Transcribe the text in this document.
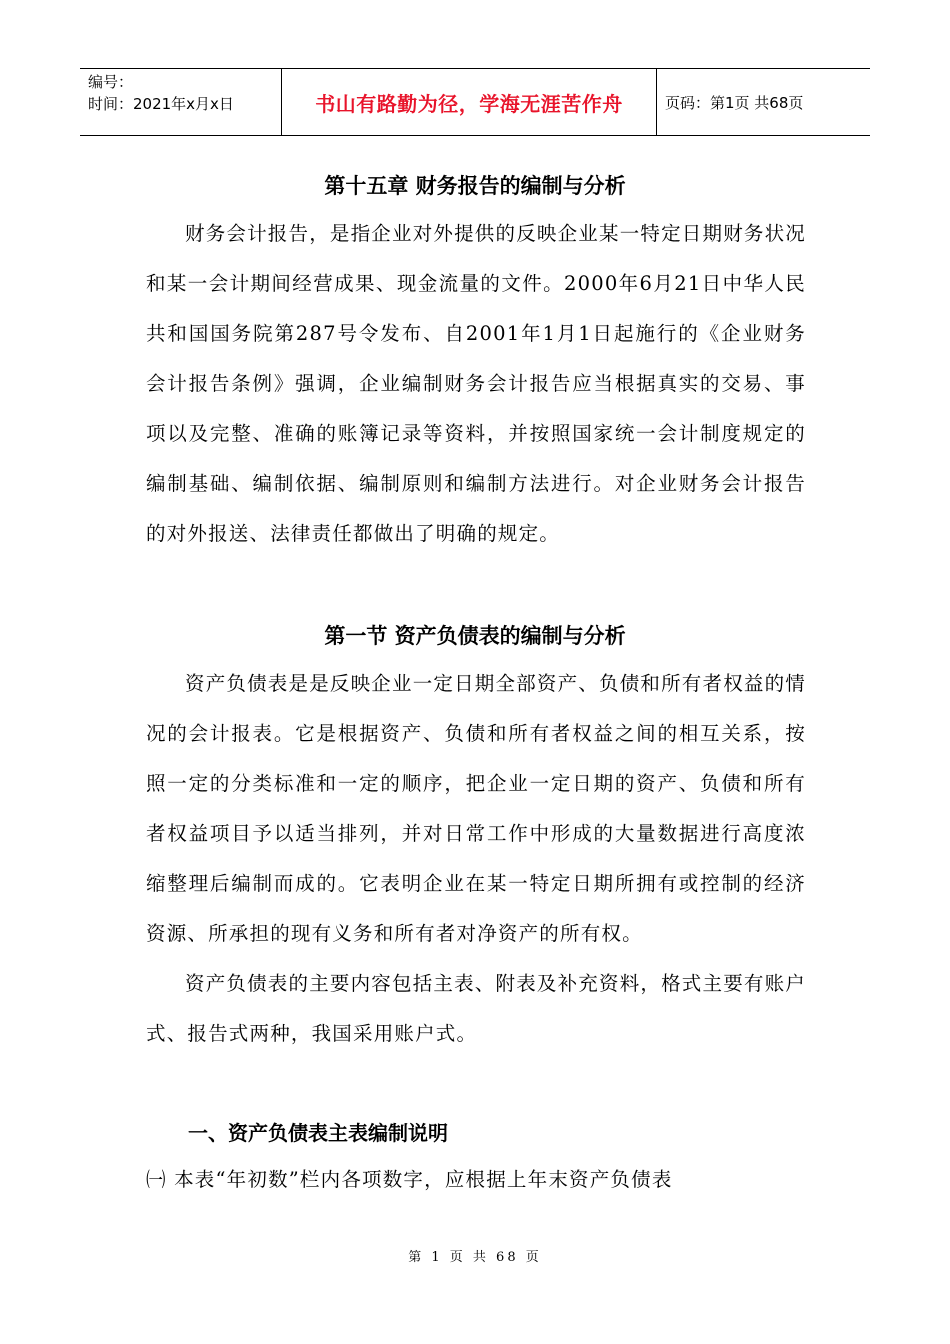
编号：
时间：2021年x月x日	书山有路勤为径，学海无涯苦作舟	页码：第1页 共68页
第十五章 财务报告的编制与分析

财务会计报告，是指企业对外提供的反映企业某一特定日期财务状况和某一会计期间经营成果、现金流量的文件。2000年6月21日中华人民共和国国务院第287号令发布、自2001年1月1日起施行的《企业财务会计报告条例》强调，企业编制财务会计报告应当根据真实的交易、事项以及完整、准确的账簿记录等资料，并按照国家统一会计制度规定的编制基础、编制依据、编制原则和编制方法进行。对企业财务会计报告的对外报送、法律责任都做出了明确的规定。

第一节 资产负债表的编制与分析

资产负债表是是反映企业一定日期全部资产、负债和所有者权益的情况的会计报表。它是根据资产、负债和所有者权益之间的相互关系，按照一定的分类标准和一定的顺序，把企业一定日期的资产、负债和所有者权益项目予以适当排列，并对日常工作中形成的大量数据进行高度浓缩整理后编制而成的。它表明企业在某一特定日期所拥有或控制的经济资源、所承担的现有义务和所有者对净资产的所有权。

资产负债表的主要内容包括主表、附表及补充资料，格式主要有账户式、报告式两种，我国采用账户式。

一、资产负债表主表编制说明

㈠ 本表“年初数”栏内各项数字，应根据上年末资产负债表

第 1 页 共 68 页
